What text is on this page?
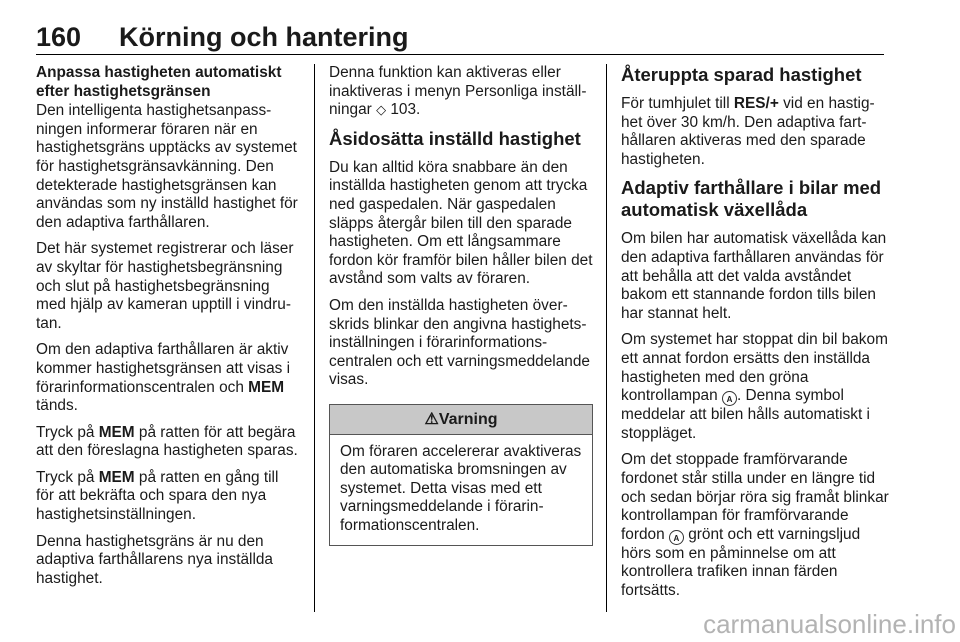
160 Körning och hantering

Anpassa hastigheten automatiskt efter hastighetsgränsen

Den intelligenta hastighetsanpassningen informerar föraren när en hastighetsgräns upptäcks av systemet för hastighetsgränsavkänning. Den detekterade hastighetsgränsen kan användas som ny inställd hastighet för den adaptiva farthållaren.

Det här systemet registrerar och läser av skyltar för hastighetsbegränsning och slut på hastighetsbegränsning med hjälp av kameran upptill i vindrutan.

Om den adaptiva farthållaren är aktiv kommer hastighetsgränsen att visas i förarinformationscentralen och MEM tänds.

Tryck på MEM på ratten för att begära att den föreslagna hastigheten sparas.

Tryck på MEM på ratten en gång till för att bekräfta och spara den nya hastighetsinställningen.

Denna hastighetsgräns är nu den adaptiva farthållarens nya inställda hastighet.

Denna funktion kan aktiveras eller inaktiveras i menyn Personliga inställningar ◇ 103.

Åsidosätta inställd hastighet

Du kan alltid köra snabbare än den inställda hastigheten genom att trycka ned gaspedalen. När gaspedalen släpps återgår bilen till den sparade hastigheten. Om ett långsammare fordon kör framför bilen håller bilen det avstånd som valts av föraren.

Om den inställda hastigheten överskrids blinkar den angivna hastighetsinställningen i förarinformationscentralen och ett varningsmeddelande visas.

⚠Varning
Om föraren accelererar avaktiveras den automatiska bromsningen av systemet. Detta visas med ett varningsmeddelande i förarinformationscentralen.
Återuppta sparad hastighet

För tumhjulet till RES/+ vid en hastighet över 30 km/h. Den adaptiva farthållaren aktiveras med den sparade hastigheten.

Adaptiv farthållare i bilar med automatisk växellåda

Om bilen har automatisk växellåda kan den adaptiva farthållaren användas för att behålla att det valda avståndet bakom ett stannande fordon tills bilen har stannat helt.

Om systemet har stoppat din bil bakom ett annat fordon ersätts den inställda hastigheten med den gröna kontrollampan A . Denna symbol meddelar att bilen hålls automatiskt i stoppläget.

Om det stoppade framförvarande fordonet står stilla under en längre tid och sedan börjar röra sig framåt blinkar kontrollampan för framförvarande fordon A grönt och ett varningsljud hörs som en påminnelse om att kontrollera trafiken innan färden fortsätts.

carmanualsonline.info
